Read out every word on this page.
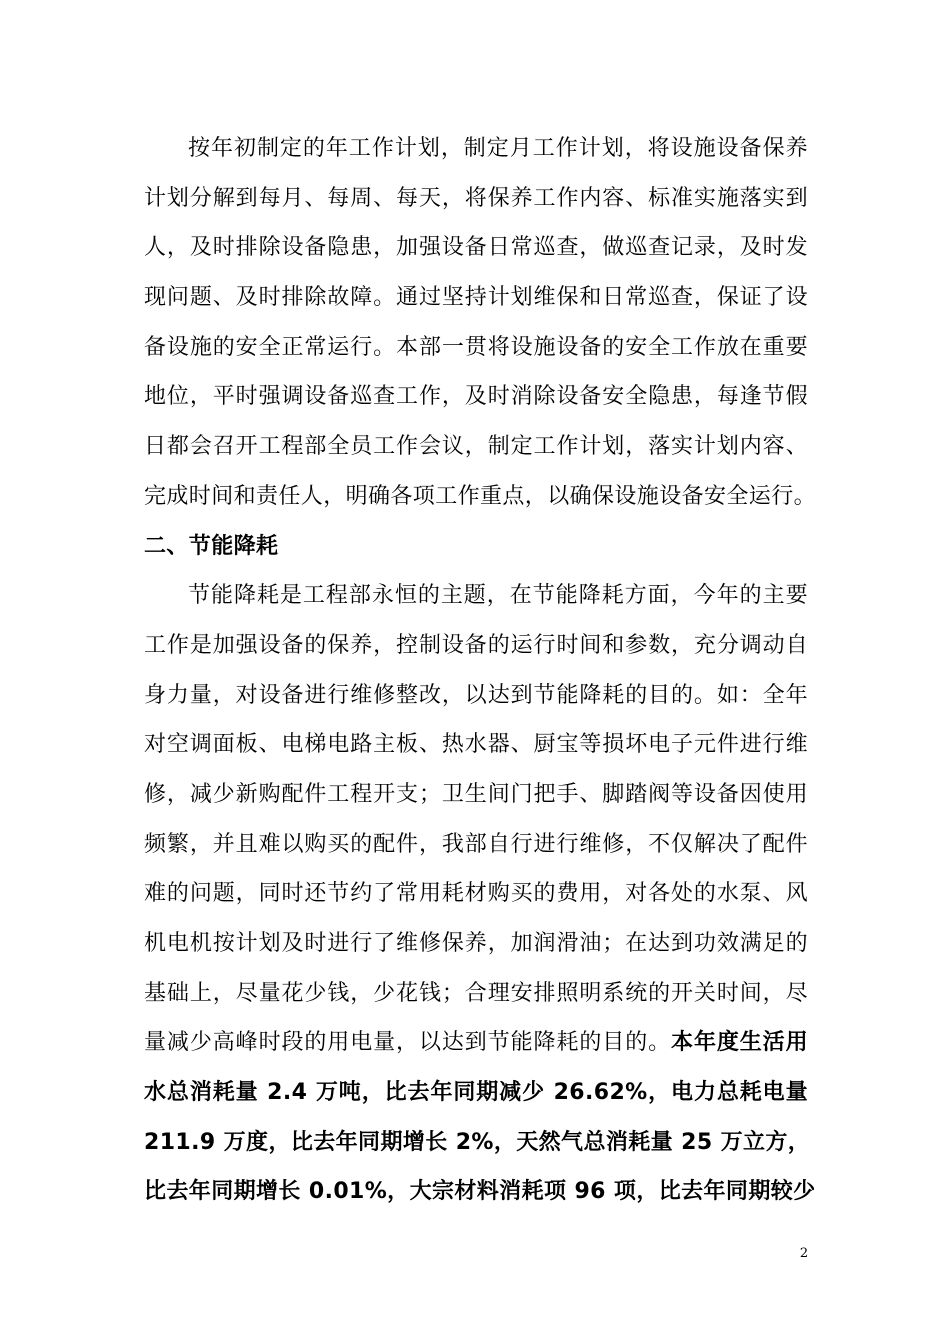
按年初制定的年工作计划，制定月工作计划，将设施设备保养
计划分解到每月、每周、每天，将保养工作内容、标准实施落实到
人，及时排除设备隐患，加强设备日常巡查，做巡查记录，及时发
现问题、及时排除故障。通过坚持计划维保和日常巡查，保证了设
备设施的安全正常运行。本部一贯将设施设备的安全工作放在重要
地位，平时强调设备巡查工作，及时消除设备安全隐患，每逢节假
日都会召开工程部全员工作会议，制定工作计划，落实计划内容、
完成时间和责任人，明确各项工作重点，以确保设施设备安全运行。
二、节能降耗
节能降耗是工程部永恒的主题，在节能降耗方面，今年的主要
工作是加强设备的保养，控制设备的运行时间和参数，充分调动自
身力量，对设备进行维修整改，以达到节能降耗的目的。如：全年
对空调面板、电梯电路主板、热水器、厨宝等损坏电子元件进行维
修，减少新购配件工程开支；卫生间门把手、脚踏阀等设备因使用
频繁，并且难以购买的配件，我部自行进行维修，不仅解决了配件
难的问题，同时还节约了常用耗材购买的费用，对各处的水泵、风
机电机按计划及时进行了维修保养，加润滑油；在达到功效满足的
基础上，尽量花少钱，少花钱；合理安排照明系统的开关时间，尽
量减少高峰时段的用电量，以达到节能降耗的目的。本年度生活用
水总消耗量 2.4 万吨，比去年同期减少 26.62%，电力总耗电量
211.9 万度，比去年同期增长 2%，天然气总消耗量 25 万立方，
比去年同期增长 0.01%，大宗材料消耗项 96 项，比去年同期较少
2
